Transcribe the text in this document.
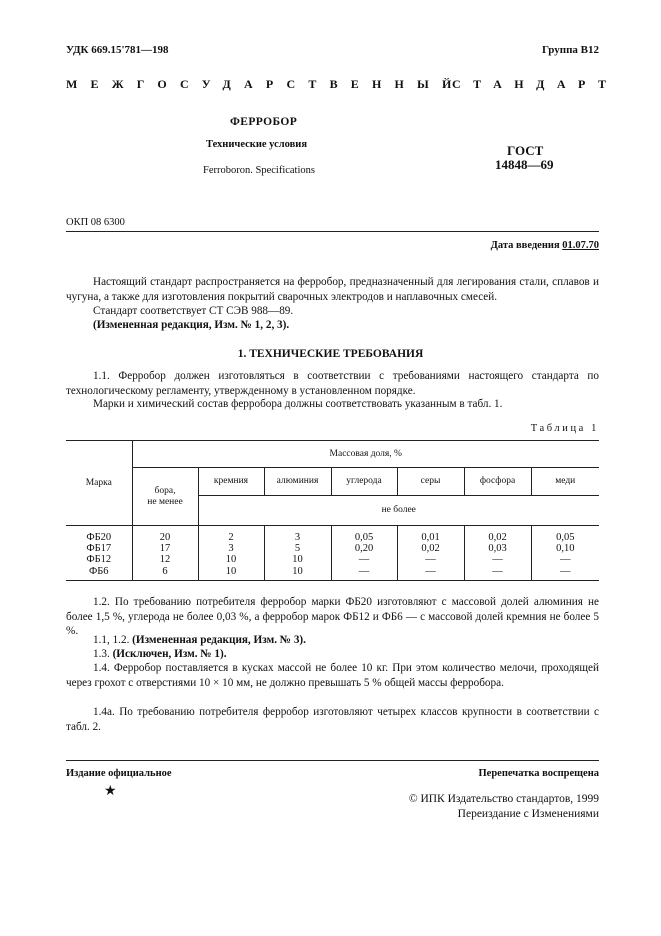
УДК 669.15'781—198	Группа В12
МЕЖГОСУДАРСТВЕННЫЙ
СТАНДАРТ
ФЕРРОБОР
Технические условия
Ferroboron. Specifications
ГОСТ
14848—69
ОКП 08 6300
Дата введения 01.07.70
Настоящий стандарт распространяется на ферробор, предназначенный для легирования стали, сплавов и чугуна, а также для изготовления покрытий сварочных электродов и наплавочных смесей.
Стандарт соответствует СТ СЭВ 988—89.
(Измененная редакция, Изм. № 1, 2, 3).
1. ТЕХНИЧЕСКИЕ ТРЕБОВАНИЯ
1.1. Ферробор должен изготовляться в соответствии с требованиями настоящего стандарта по технологическому регламенту, утвержденному в установленном порядке.
Марки и химический состав ферробора должны соответствовать указанным в табл. 1.
Таблица 1
Марка	Массовая доля, %						

	бора,
не менее	кремния	алюминия	углерода	серы	фосфора	меди
		не более					
ФБ20	20	2	3	0,05	0,01	0,02	0,05
ФБ17	17	3	5	0,20	0,02	0,03	0,10
ФБ12	12	10	10	—	—	—	—
ФБ6	6	10	10	—	—	—	—
1.2. По требованию потребителя ферробор марки ФБ20 изготовляют с массовой долей алюминия не более 1,5 %, углерода не более 0,03 %, а ферробор марок ФБ12 и ФБ6 — с массовой долей кремния не более 5 %.
1.1, 1.2. (Измененная редакция, Изм. № 3).
1.3. (Исключен, Изм. № 1).
1.4. Ферробор поставляется в кусках массой не более 10 кг. При этом количество мелочи, проходящей через грохот с отверстиями 10 × 10 мм, не должно превышать 5 % общей массы ферробора.
1.4а. По требованию потребителя ферробор изготовляют четырех классов крупности в соответствии с табл. 2.
Издание официальное
★
Перепечатка воспрещена
© ИПК Издательство стандартов, 1999
Переиздание с Изменениями
